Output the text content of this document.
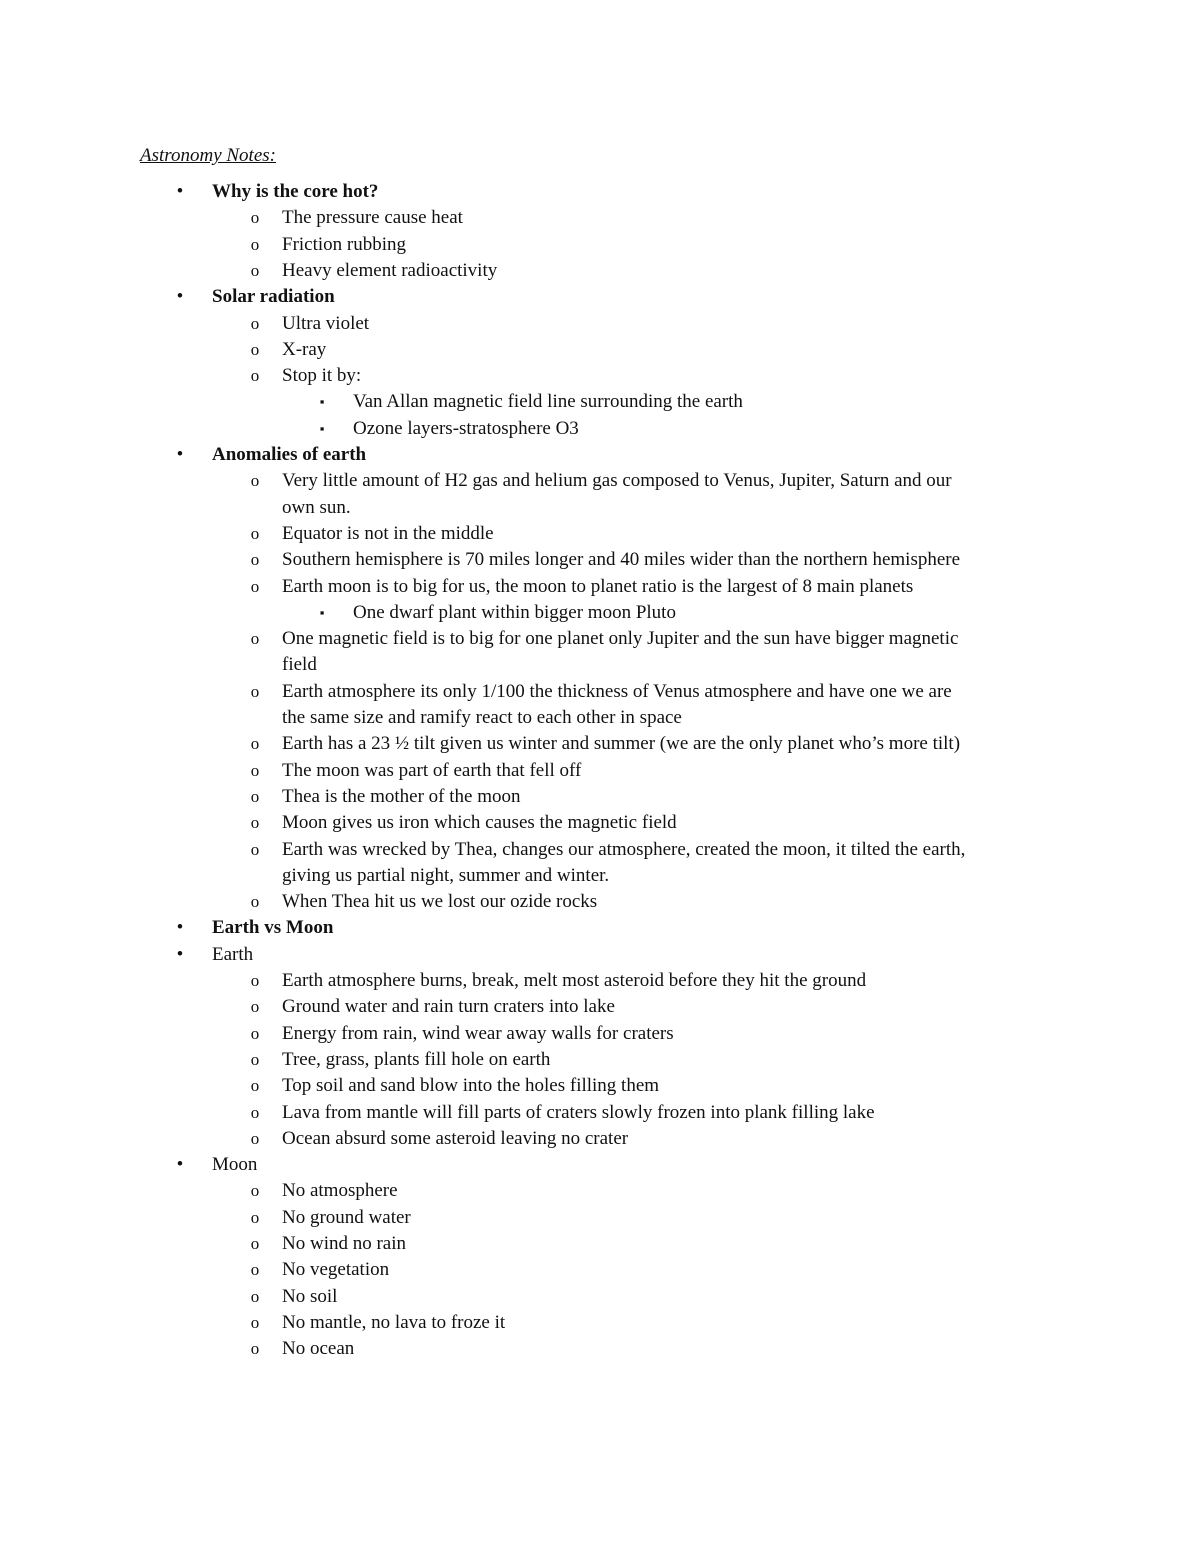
Astronomy Notes:
• Why is the core hot?
o The pressure cause heat
o Friction rubbing
o Heavy element radioactivity
• Solar radiation
o Ultra violet
o X-ray
o Stop it by:
▪ Van Allan magnetic field line surrounding the earth
▪ Ozone layers-stratosphere O3
• Anomalies of earth
o Very little amount of H2 gas and helium gas composed to Venus, Jupiter, Saturn and our
own sun.
o Equator is not in the middle
o Southern hemisphere is 70 miles longer and 40 miles wider than the northern hemisphere
o Earth moon is to big for us, the moon to planet ratio is the largest of 8 main planets
▪ One dwarf plant within bigger moon Pluto
o One magnetic field is to big for one planet only Jupiter and the sun have bigger magnetic
field
o Earth atmosphere its only 1/100 the thickness of Venus atmosphere and have one we are
the same size and ramify react to each other in space
o Earth has a 23 ½ tilt given us winter and summer (we are the only planet who’s more tilt)
o The moon was part of earth that fell off
o Thea is the mother of the moon
o Moon gives us iron which causes the magnetic field
o Earth was wrecked by Thea, changes our atmosphere, created the moon, it tilted the earth,
giving us partial night, summer and winter.
o When Thea hit us we lost our ozide rocks
• Earth vs Moon
• Earth
o Earth atmosphere burns, break, melt most asteroid before they hit the ground
o Ground water and rain turn craters into lake
o Energy from rain, wind wear away walls for craters
o Tree, grass, plants fill hole on earth
o Top soil and sand blow into the holes filling them
o Lava from mantle will fill parts of craters slowly frozen into plank filling lake
o Ocean absurd some asteroid leaving no crater
• Moon
o No atmosphere
o No ground water
o No wind no rain
o No vegetation
o No soil
o No mantle, no lava to froze it
o No ocean
